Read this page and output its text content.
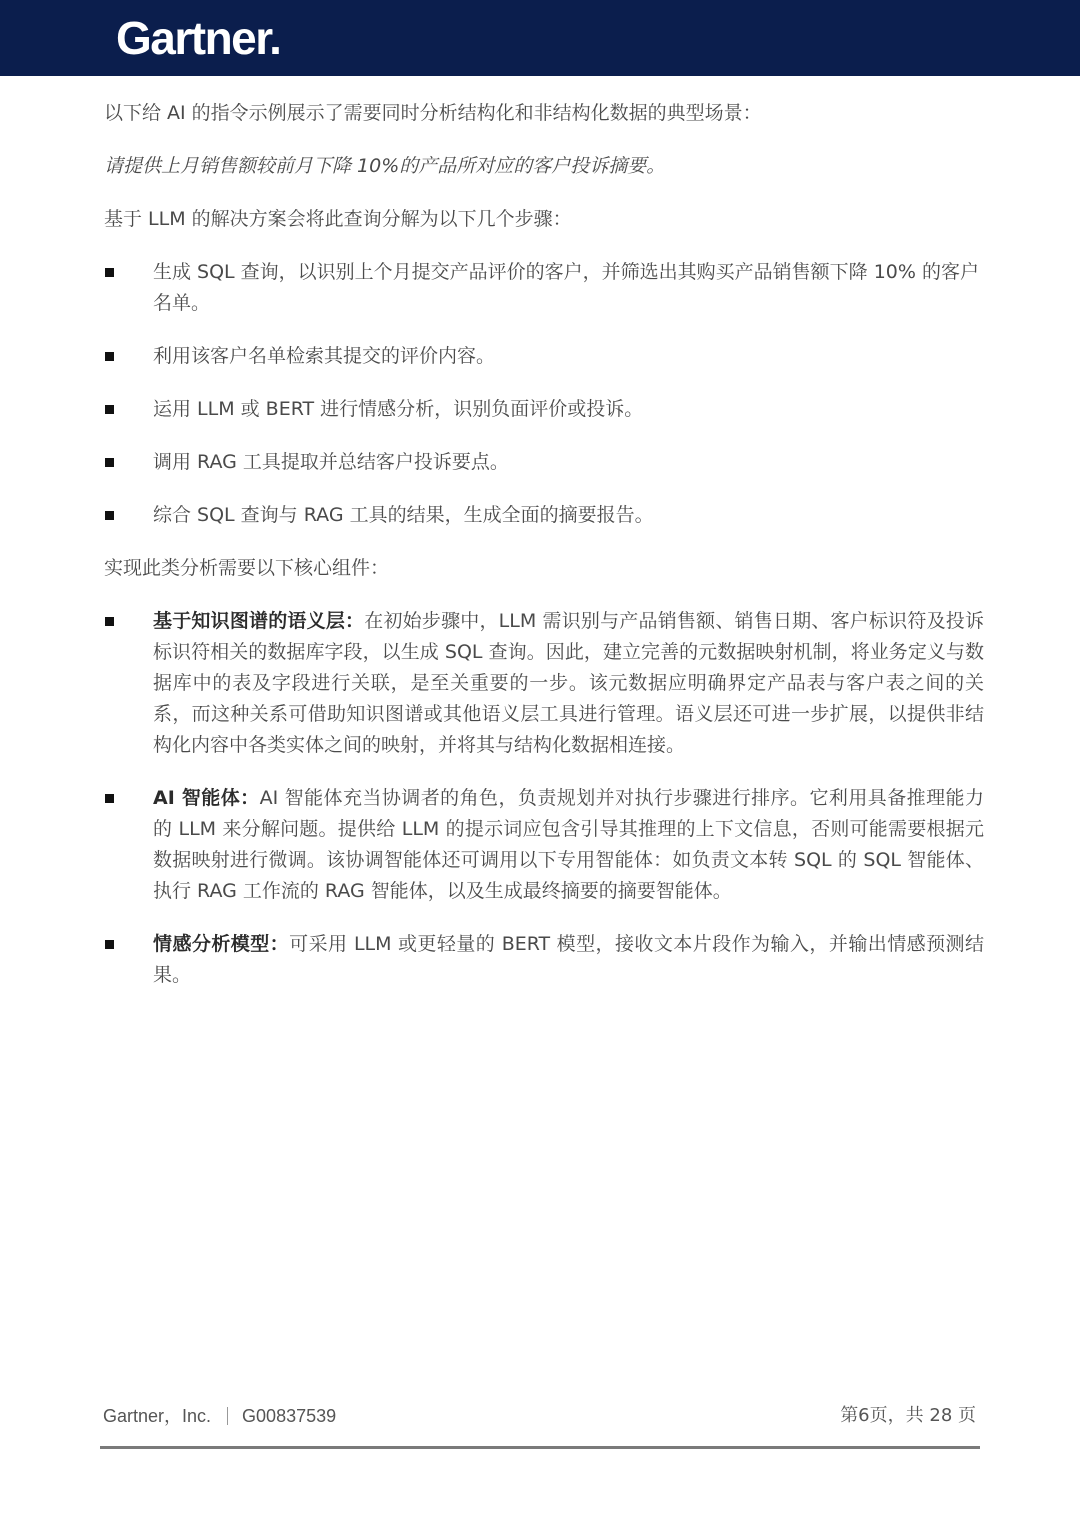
Gartner.

以下给 AI 的指令示例展示了需要同时分析结构化和非结构化数据的典型场景：

请提供上月销售额较前月下降 10%的产品所对应的客户投诉摘要。

基于 LLM 的解决方案会将此查询分解为以下几个步骤：

生成 SQL 查询，以识别上个月提交产品评价的客户，并筛选出其购买产品销售额下降 10% 的客户名单。
利用该客户名单检索其提交的评价内容。
运用 LLM 或 BERT 进行情感分析，识别负面评价或投诉。
调用 RAG 工具提取并总结客户投诉要点。
综合 SQL 查询与 RAG 工具的结果，生成全面的摘要报告。

实现此类分析需要以下核心组件：

基于知识图谱的语义层：在初始步骤中，LLM 需识别与产品销售额、销售日期、客户标识符及投诉标识符相关的数据库字段，以生成 SQL 查询。因此，建立完善的元数据映射机制，将业务定义与数据库中的表及字段进行关联，是至关重要的一步。该元数据应明确界定产品表与客户表之间的关系，而这种关系可借助知识图谱或其他语义层工具进行管理。语义层还可进一步扩展，以提供非结构化内容中各类实体之间的映射，并将其与结构化数据相连接。
AI 智能体：AI 智能体充当协调者的角色，负责规划并对执行步骤进行排序。它利用具备推理能力的 LLM 来分解问题。提供给 LLM 的提示词应包含引导其推理的上下文信息，否则可能需要根据元数据映射进行微调。该协调智能体还可调用以下专用智能体：如负责文本转 SQL 的 SQL 智能体、执行 RAG 工作流的 RAG 智能体，以及生成最终摘要的摘要智能体。
情感分析模型：可采用 LLM 或更轻量的 BERT 模型，接收文本片段作为输入，并输出情感预测结果。
Gartner，Inc. G00837539	第6页，共 28 页
